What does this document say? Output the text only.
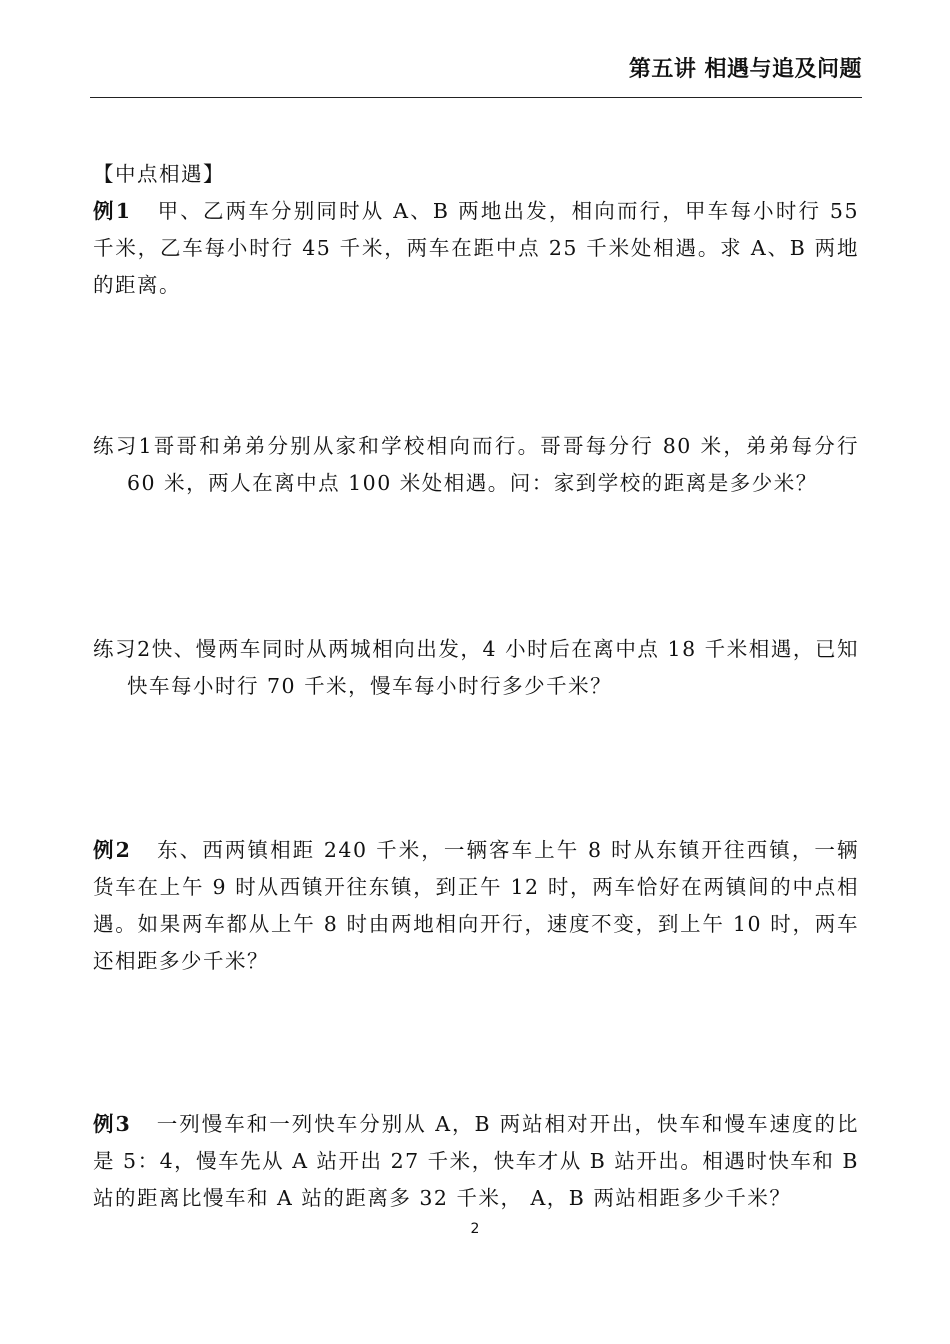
第五讲 相遇与追及问题
【中点相遇】
例1 甲、乙两车分别同时从 A、B 两地出发，相向而行，甲车每小时行 55 千米，乙车每小时行 45 千米，两车在距中点 25 千米处相遇。求 A、B 两地的距离。
练习1哥哥和弟弟分别从家和学校相向而行。哥哥每分行 80 米，弟弟每分行 60 米，两人在离中点 100 米处相遇。问：家到学校的距离是多少米？
练习2快、慢两车同时从两城相向出发，4 小时后在离中点 18 千米相遇，已知快车每小时行 70 千米，慢车每小时行多少千米？
例2 东、西两镇相距 240 千米，一辆客车上午 8 时从东镇开往西镇，一辆货车在上午 9 时从西镇开往东镇，到正午 12 时，两车恰好在两镇间的中点相遇。如果两车都从上午 8 时由两地相向开行，速度不变，到上午 10 时，两车还相距多少千米？
例3 一列慢车和一列快车分别从 A，B 两站相对开出，快车和慢车速度的比是 5：4，慢车先从 A 站开出 27 千米，快车才从 B 站开出。相遇时快车和 B 站的距离比慢车和 A 站的距离多 32 千米， A，B 两站相距多少千米？
2
